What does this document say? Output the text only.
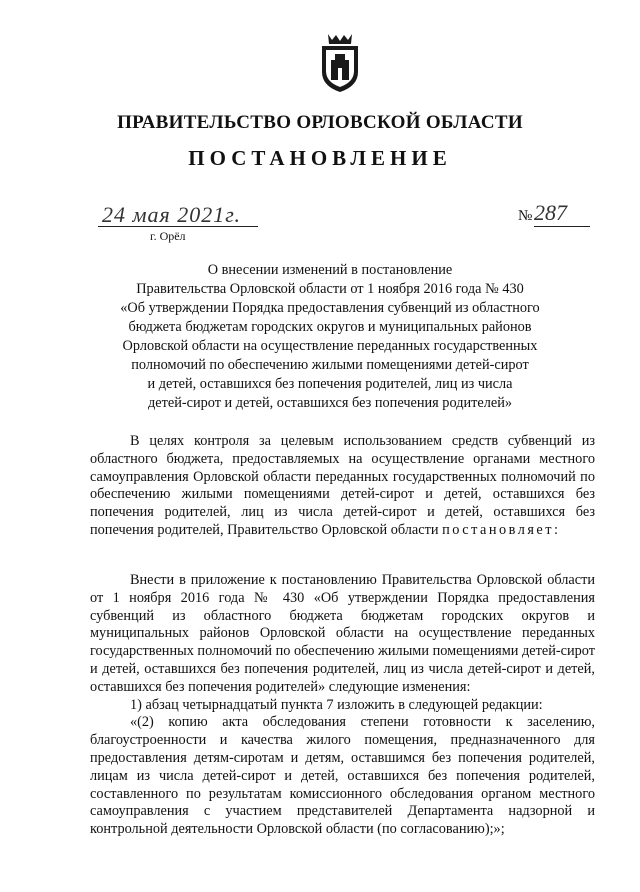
ПРАВИТЕЛЬСТВО ОРЛОВСКОЙ ОБЛАСТИ
ПОСТАНОВЛЕНИЕ
24 мая 2021г.
г. Орёл
№ 287
О внесении изменений в постановление
Правительства Орловской области от 1 ноября 2016 года № 430
«Об утверждении Порядка предоставления субвенций из областного
бюджета бюджетам городских округов и муниципальных районов
Орловской области на осуществление переданных государственных
полномочий по обеспечению жилыми помещениями детей-сирот
и детей, оставшихся без попечения родителей, лиц из числа
детей-сирот и детей, оставшихся без попечения родителей»

В целях контроля за целевым использованием средств субвенций из областного бюджета, предоставляемых на осуществление органами местного самоуправления Орловской области переданных государственных полномочий по обеспечению жилыми помещениями детей-сирот и детей, оставшихся без попечения родителей, лиц из числа детей-сирот и детей, оставшихся без попечения родителей, Правительство Орловской области постановляет:

Внести в приложение к постановлению Правительства Орловской области от 1 ноября 2016 года № 430 «Об утверждении Порядка предоставления субвенций из областного бюджета бюджетам городских округов и муниципальных районов Орловской области на осуществление переданных государственных полномочий по обеспечению жилыми помещениями детей-сирот и детей, оставшихся без попечения родителей, лиц из числа детей-сирот и детей, оставшихся без попечения родителей» следующие изменения:

1) абзац четырнадцатый пункта 7 изложить в следующей редакции:

«(2) копию акта обследования степени готовности к заселению, благоустроенности и качества жилого помещения, предназначенного для предоставления детям-сиротам и детям, оставшимся без попечения родителей, лицам из числа детей-сирот и детей, оставшихся без попечения родителей, составленного по результатам комиссионного обследования органом местного самоуправления с участием представителей Департамента надзорной и контрольной деятельности Орловской области (по согласованию);»;
